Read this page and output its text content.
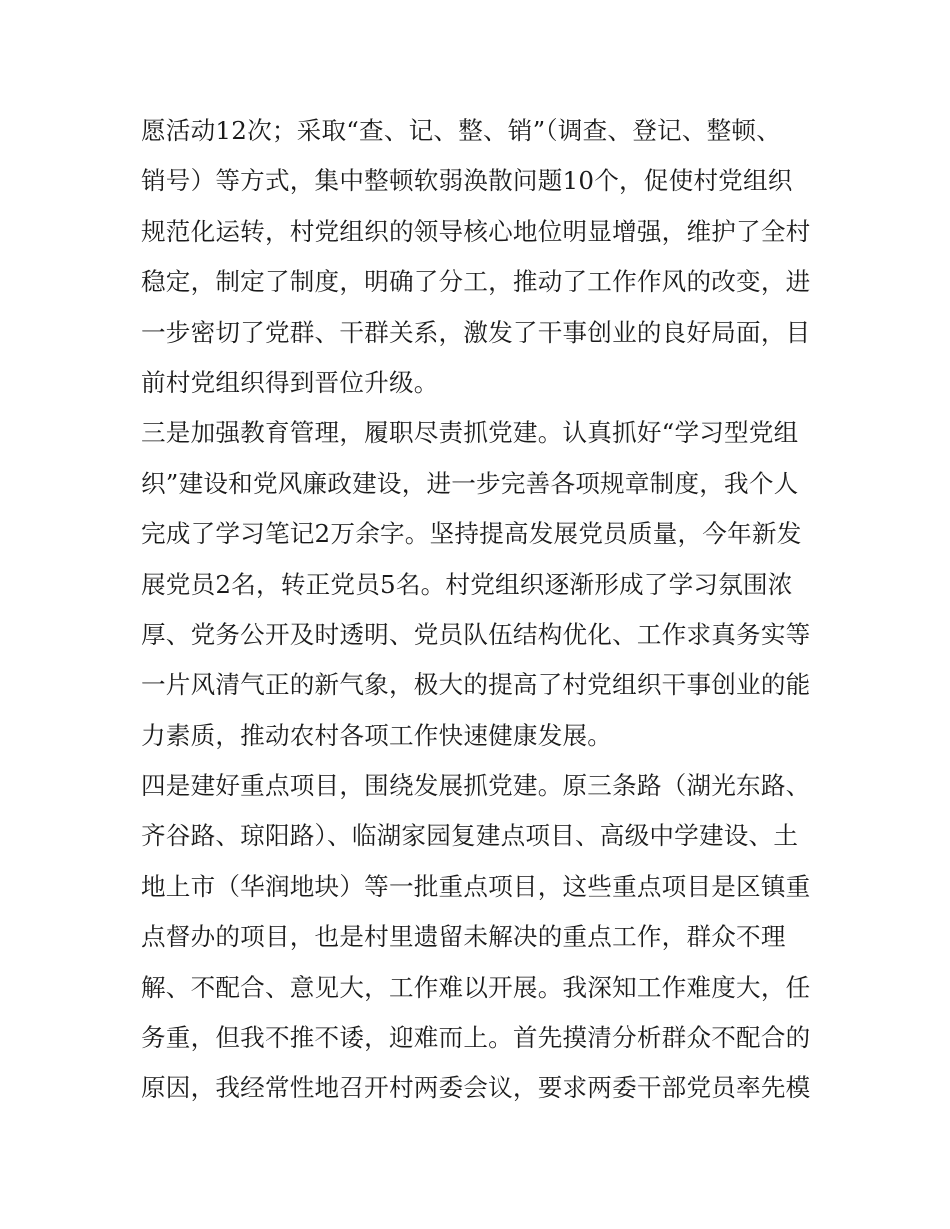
愿活动12次；采取“查、记、整、销”（调查、登记、整顿、
销号）等方式，集中整顿软弱涣散问题10个，促使村党组织
规范化运转，村党组织的领导核心地位明显增强，维护了全村
稳定，制定了制度，明确了分工，推动了工作作风的改变，进
一步密切了党群、干群关系，激发了干事创业的良好局面，目
前村党组织得到晋位升级。
三是加强教育管理，履职尽责抓党建。认真抓好“学习型党组
织”建设和党风廉政建设，进一步完善各项规章制度，我个人
完成了学习笔记2万余字。坚持提高发展党员质量，今年新发
展党员2名，转正党员5名。村党组织逐渐形成了学习氛围浓
厚、党务公开及时透明、党员队伍结构优化、工作求真务实等
一片风清气正的新气象，极大的提高了村党组织干事创业的能
力素质，推动农村各项工作快速健康发展。
四是建好重点项目，围绕发展抓党建。原三条路（湖光东路、
齐谷路、琼阳路）、临湖家园复建点项目、高级中学建设、土
地上市（华润地块）等一批重点项目，这些重点项目是区镇重
点督办的项目，也是村里遗留未解决的重点工作，群众不理
解、不配合、意见大，工作难以开展。我深知工作难度大，任
务重，但我不推不诿，迎难而上。首先摸清分析群众不配合的
原因，我经常性地召开村两委会议，要求两委干部党员率先模
